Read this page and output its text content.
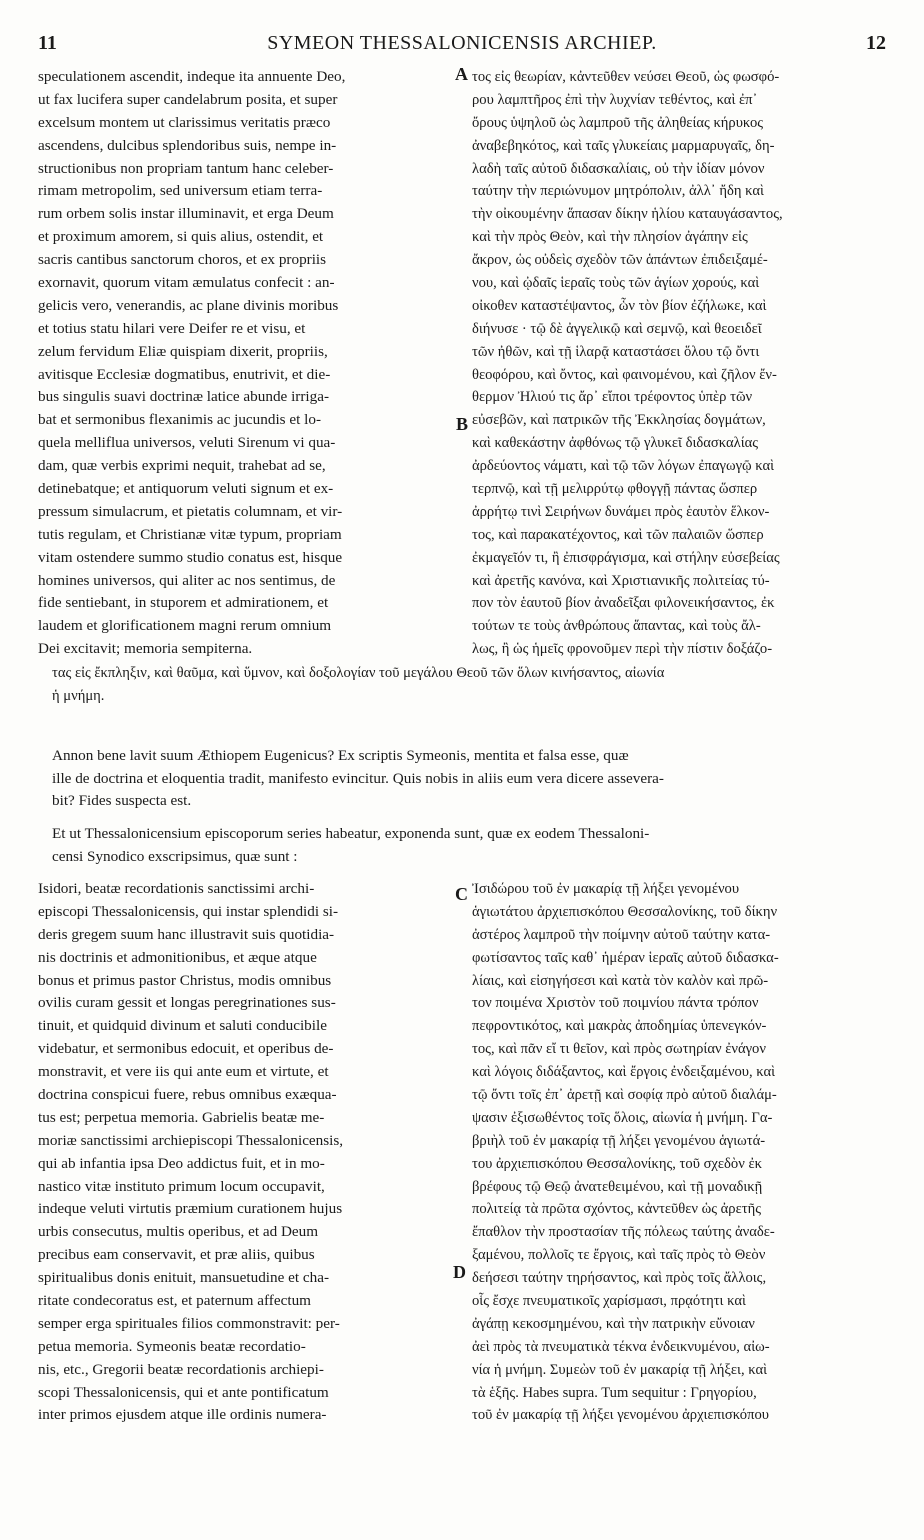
11	SYMEON THESSALONICENSIS ARCHIEP.	12
speculationem ascendit, indeque ita annuente Deo,
ut fax lucifera super candelabrum posita, et super
excelsum montem ut clarissimus veritatis præco
ascendens, dulcibus splendoribus suis, nempe in-
structionibus non propriam tantum hanc celeber-
rimam metropolim, sed universum etiam terra-
rum orbem solis instar illuminavit, et erga Deum
et proximum amorem, si quis alius, ostendit, et
sacris cantibus sanctorum choros, et ex propriis
exornavit, quorum vitam æmulatus confecit : an-
gelicis vero, venerandis, ac plane divinis moribus
et totius statu hilari vere Deifer re et visu, et
zelum fervidum Eliæ quispiam dixerit, propriis,
avitisque Ecclesiæ dogmatibus, enutrivit, et die-
bus singulis suavi doctrinæ latice abunde irriga-
bat et sermonibus flexanimis ac jucundis et lo-
quela melliflua universos, veluti Sirenum vi qua-
dam, quæ verbis exprimi nequit, trahebat ad se,
detinebatque; et antiquorum veluti signum et ex-
pressum simulacrum, et pietatis columnam, et vir-
tutis regulam, et Christianæ vitæ typum, propriam
vitam ostendere summo studio conatus est, hisque
homines universos, qui aliter ac nos sentimus, de
fide sentiebant, in stuporem et admirationem, et
laudem et glorificationem magni rerum omnium
Dei excitavit; memoria sempiterna.
τος εἰς θεωρίαν, κἀντεῦθεν νεύσει Θεοῦ, ὡς φωσφό-
ρου λαμπτῆρος ἐπὶ τὴν λυχνίαν τεθέντος, καὶ ἐπ᾽
ὄρους ὑψηλοῦ ὡς λαμπροῦ τῆς ἀληθείας κήρυκος
ἀναβεβηκότος, καὶ ταῖς γλυκείαις μαρμαρυγαῖς, δη-
λαδὴ ταῖς αὐτοῦ διδασκαλίαις, οὐ τὴν ἰδίαν μόνον
ταύτην τὴν περιώνυμον μητρόπολιν, ἀλλ᾽ ἤδη καὶ
τὴν οἰκουμένην ἅπασαν δίκην ἡλίου καταυγάσαντος,
καὶ τὴν πρὸς Θεὸν, καὶ τὴν πλησίον ἀγάπην εἰς
ἄκρον, ὡς οὐδεὶς σχεδὸν τῶν ἁπάντων ἐπιδειξαμέ-
νου, καὶ ᾠδαῖς ἱεραῖς τοὺς τῶν ἁγίων χορούς, καὶ
οἰκοθεν καταστέψαντος, ὧν τὸν βίον ἐζήλωκε, καὶ
διήνυσε · τῷ δὲ ἀγγελικῷ καὶ σεμνῷ, καὶ θεοειδεῖ
τῶν ἠθῶν, καὶ τῇ ἱλαρᾷ καταστάσει ὅλου τῷ ὄντι
θεοφόρου, καὶ ὄντος, καὶ φαινομένου, καὶ ζῆλον ἔν-
θερμον Ἠλιού τις ἄρ᾽ εἴποι τρέφοντος ὑπὲρ τῶν
εὐσεβῶν, καὶ πατρικῶν τῆς Ἐκκλησίας δογμάτων,
καὶ καθεκάστην ἀφθόνως τῷ γλυκεῖ διδασκαλίας
ἀρδεύοντος νάματι, καὶ τῷ τῶν λόγων ἐπαγωγῷ καὶ
τερπνῷ, καὶ τῇ μελιρρύτῳ φθογγῇ πάντας ὥσπερ
ἀρρήτῳ τινὶ Σειρήνων δυνάμει πρὸς ἑαυτὸν ἕλκον-
τος, καὶ παρακατέχοντος, καὶ τῶν παλαιῶν ὥσπερ
ἐκμαγεῖόν τι, ἢ ἐπισφράγισμα, καὶ στήλην εὐσεβείας
καὶ ἀρετῆς κανόνα, καὶ Χριστιανικῆς πολιτείας τύ-
πον τὸν ἑαυτοῦ βίον ἀναδεῖξαι φιλονεικήσαντος, ἐκ
τούτων τε τοὺς ἀνθρώπους ἅπαντας, καὶ τοὺς ἄλ-
λως, ἢ ὡς ἡμεῖς φρονοῦμεν περὶ τὴν πίστιν δοξάζο-
A
B
τας εἰς ἔκπληξιν, καὶ θαῦμα, καὶ ὕμνον, καὶ δοξολογίαν τοῦ μεγάλου Θεοῦ τῶν ὅλων κινήσαντος, αἰωνία
ἡ μνήμη.
Annon bene lavit suum Æthiopem Eugenicus? Ex scriptis Symeonis, mentita et falsa esse, quæ
ille de doctrina et eloquentia tradit, manifesto evincitur. Quis nobis in aliis eum vera dicere assevera-
bit? Fides suspecta est.
Et ut Thessalonicensium episcoporum series habeatur, exponenda sunt, quæ ex eodem Thessaloni-
censi Synodico exscripsimus, quæ sunt :
Isidori, beatæ recordationis sanctissimi archi-
episcopi Thessalonicensis, qui instar splendidi si-
deris gregem suum hanc illustravit suis quotidia-
nis doctrinis et admonitionibus, et æque atque
bonus et primus pastor Christus, modis omnibus
ovilis curam gessit et longas peregrinationes sus-
tinuit, et quidquid divinum et saluti conducibile
videbatur, et sermonibus edocuit, et operibus de-
monstravit, et vere iis qui ante eum et virtute, et
doctrina conspicui fuere, rebus omnibus exæqua-
tus est; perpetua memoria. Gabrielis beatæ me-
moriæ sanctissimi archiepiscopi Thessalonicensis,
qui ab infantia ipsa Deo addictus fuit, et in mo-
nastico vitæ instituto primum locum occupavit,
indeque veluti virtutis præmium curationem hujus
urbis consecutus, multis operibus, et ad Deum
precibus eam conservavit, et præ aliis, quibus
spiritualibus donis enituit, mansuetudine et cha-
ritate condecoratus est, et paternum affectum
semper erga spirituales filios commonstravit: per-
petua memoria. Symeonis beatæ recordatio-
nis, etc., Gregorii beatæ recordationis archiepi-
scopi Thessalonicensis, qui et ante pontificatum
inter primos ejusdem atque ille ordinis numera-
Ἰσιδώρου τοῦ ἐν μακαρίᾳ τῇ λήξει γενομένου
ἁγιωτάτου ἀρχιεπισκόπου Θεσσαλονίκης, τοῦ δίκην
ἀστέρος λαμπροῦ τὴν ποίμνην αὐτοῦ ταύτην κατα-
φωτίσαντος ταῖς καθ᾽ ἡμέραν ἱεραῖς αὐτοῦ διδασκα-
λίαις, καὶ εἰσηγήσεσι καὶ κατὰ τὸν καλὸν καὶ πρῶ-
τον ποιμένα Χριστὸν τοῦ ποιμνίου πάντα τρόπον
πεφροντικότος, καὶ μακρὰς ἀποδημίας ὑπενεγκόν-
τος, καὶ πᾶν εἴ τι θεῖον, καὶ πρὸς σωτηρίαν ἐνάγον
καὶ λόγοις διδάξαντος, καὶ ἔργοις ἐνδειξαμένου, καὶ
τῷ ὄντι τοῖς ἐπ᾽ ἀρετῇ καὶ σοφίᾳ πρὸ αὐτοῦ διαλάμ-
ψασιν ἐξισωθέντος τοῖς ὅλοις, αἰωνία ἡ μνήμη. Γα-
βριὴλ τοῦ ἐν μακαρίᾳ τῇ λήξει γενομένου ἁγιωτά-
του ἀρχιεπισκόπου Θεσσαλονίκης, τοῦ σχεδὸν ἐκ
βρέφους τῷ Θεῷ ἀνατεθειμένου, καὶ τῇ μοναδικῇ
πολιτείᾳ τὰ πρῶτα σχόντος, κἀντεῦθεν ὡς ἀρετῆς
ἔπαθλον τὴν προστασίαν τῆς πόλεως ταύτης ἀναδε-
ξαμένου, πολλοῖς τε ἔργοις, καὶ ταῖς πρὸς τὸ Θεὸν
δεήσεσι ταύτην τηρήσαντος, καὶ πρὸς τοῖς ἄλλοις,
οἷς ἔσχε πνευματικοῖς χαρίσμασι, πρᾳότητι καὶ
ἀγάπῃ κεκοσμημένου, καὶ τὴν πατρικὴν εὔνοιαν
ἀεὶ πρὸς τὰ πνευματικὰ τέκνα ἐνδεικνυμένου, αἰω-
νία ἡ μνήμη. Συμεὼν τοῦ ἐν μακαρίᾳ τῇ λήξει, καὶ
τὰ ἑξῆς. Habes supra. Tum sequitur : Γρηγορίου,
τοῦ ἐν μακαρίᾳ τῇ λήξει γενομένου ἀρχιεπισκόπου
C
D
